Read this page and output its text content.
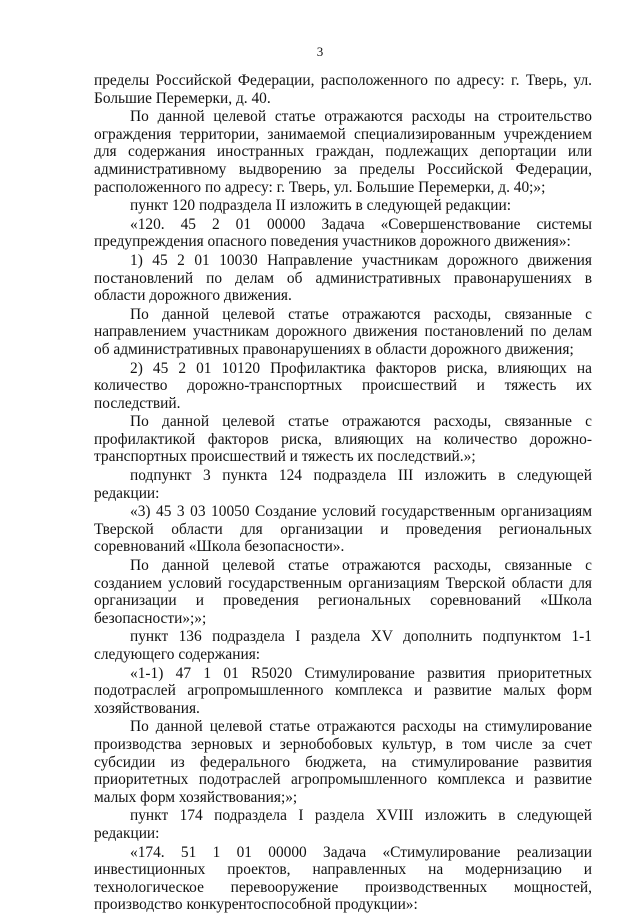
3

пределы Российской Федерации, расположенного по адресу: г. Тверь, ул. Большие Перемерки, д. 40.

По данной целевой статье отражаются расходы на строительство ограждения территории, занимаемой специализированным учреждением для содержания иностранных граждан, подлежащих депортации или административному выдворению за пределы Российской Федерации, расположенного по адресу: г. Тверь, ул. Большие Перемерки, д. 40;»;

пункт 120 подраздела II изложить в следующей редакции:

«120. 45 2 01 00000 Задача «Совершенствование системы предупреждения опасного поведения участников дорожного движения»:

1) 45 2 01 10030 Направление участникам дорожного движения постановлений по делам об административных правонарушениях в области дорожного движения.

По данной целевой статье отражаются расходы, связанные с направлением участникам дорожного движения постановлений по делам об административных правонарушениях в области дорожного движения;

2) 45 2 01 10120 Профилактика факторов риска, влияющих на количество дорожно-транспортных происшествий и тяжесть их последствий.

По данной целевой статье отражаются расходы, связанные с профилактикой факторов риска, влияющих на количество дорожно-транспортных происшествий и тяжесть их последствий.»;

подпункт 3 пункта 124 подраздела III изложить в следующей редакции:

«3) 45 3 03 10050 Создание условий государственным организациям Тверской области для организации и проведения региональных соревнований «Школа безопасности».

По данной целевой статье отражаются расходы, связанные с созданием условий государственным организациям Тверской области для организации и проведения региональных соревнований «Школа безопасности»;»;

пункт 136 подраздела I раздела XV дополнить подпунктом 1-1 следующего содержания:

«1-1) 47 1 01 R5020 Стимулирование развития приоритетных подотраслей агропромышленного комплекса и развитие малых форм хозяйствования.

По данной целевой статье отражаются расходы на стимулирование производства зерновых и зернобобовых культур, в том числе за счет субсидии из федерального бюджета, на стимулирование развития приоритетных подотраслей агропромышленного комплекса и развитие малых форм хозяйствования;»;

пункт 174 подраздела I раздела XVIII изложить в следующей редакции:

«174. 51 1 01 00000 Задача «Стимулирование реализации инвестиционных проектов, направленных на модернизацию и технологическое перевооружение производственных мощностей, производство конкурентоспособной продукции»:
